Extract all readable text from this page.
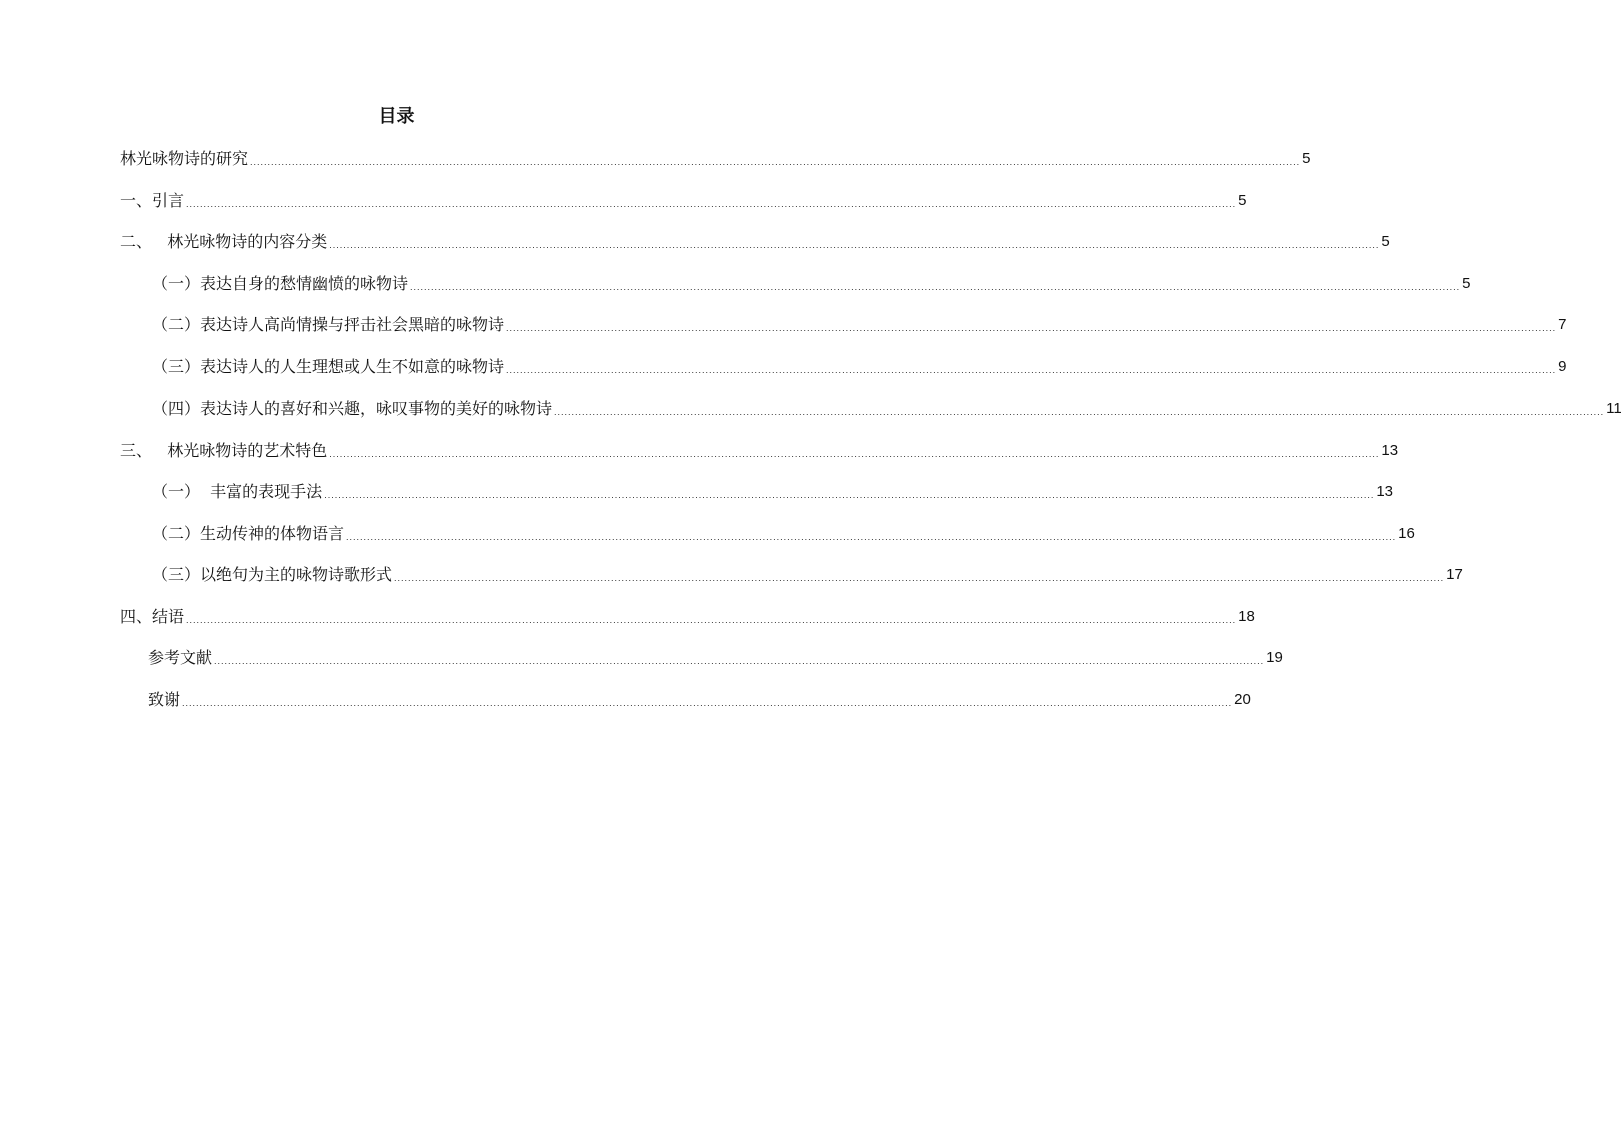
目录
林光咏物诗的研究 ............................................................................................................................................................................................................................................................................................................ 5
一、引言 ............................................................................................................................................................................................................................................................................................................ 5
二、   林光咏物诗的内容分类 ............................................................................................................................................................................................................................................................................................................ 5
（一）表达自身的愁情幽愤的咏物诗 ............................................................................................................................................................................................................................................................................................................ 5
（二）表达诗人高尚情操与抨击社会黑暗的咏物诗 ............................................................................................................................................................................................................................................................................................................ 7
（三）表达诗人的人生理想或人生不如意的咏物诗 ............................................................................................................................................................................................................................................................................................................ 9
（四）表达诗人的喜好和兴趣，咏叹事物的美好的咏物诗 ............................................................................................................................................................................................................................................................................................................ 11
三、   林光咏物诗的艺术特色 ............................................................................................................................................................................................................................................................................................................ 13
（一）  丰富的表现手法 ............................................................................................................................................................................................................................................................................................................ 13
（二）生动传神的体物语言 ............................................................................................................................................................................................................................................................................................................ 16
（三）以绝句为主的咏物诗歌形式 ............................................................................................................................................................................................................................................................................................................ 17
四、结语 ............................................................................................................................................................................................................................................................................................................ 18
参考文献 ............................................................................................................................................................................................................................................................................................................ 19
致谢 ............................................................................................................................................................................................................................................................................................................ 20
